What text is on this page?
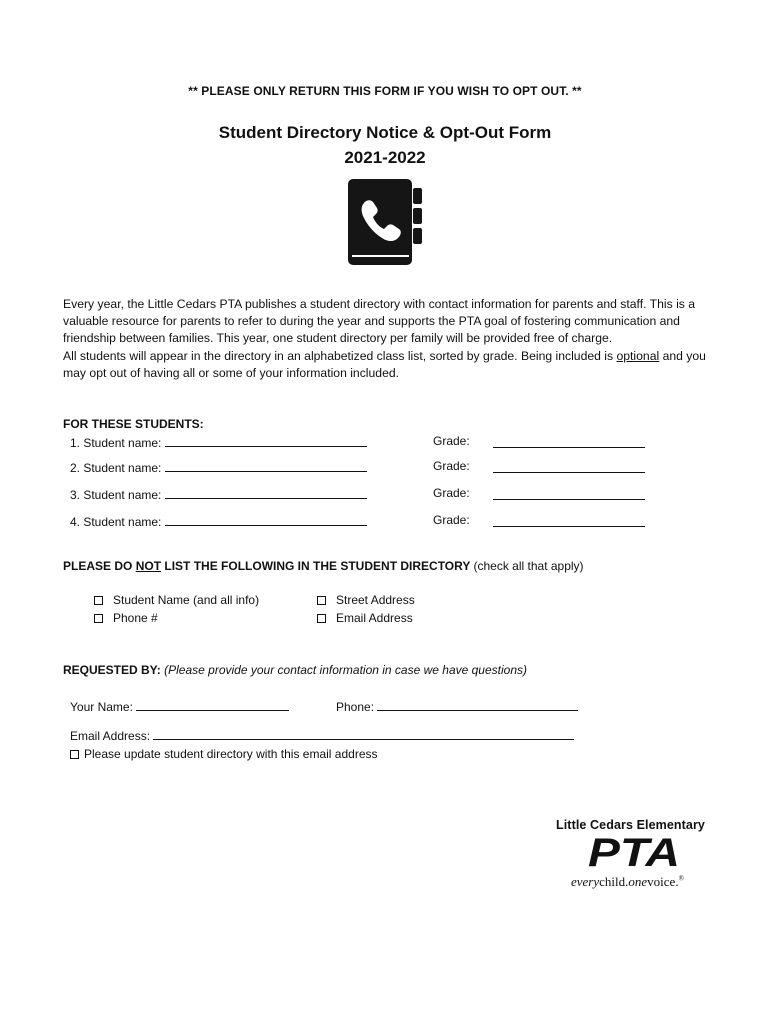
** PLEASE ONLY RETURN THIS FORM IF YOU WISH TO OPT OUT. **
Student Directory Notice & Opt-Out Form
2021-2022

Every year, the Little Cedars PTA publishes a student directory with contact information for parents and staff. This is a valuable resource for parents to refer to during the year and supports the PTA goal of fostering communication and friendship between families. This year, one student directory per family will be provided free of charge.

All students will appear in the directory in an alphabetized class list, sorted by grade. Being included is optional and you may opt out of having all or some of your information included.

FOR THESE STUDENTS:
1. Student name:	Grade:
2. Student name:	Grade:
3. Student name:	Grade:
4. Student name:	Grade:
PLEASE DO NOT LIST THE FOLLOWING IN THE STUDENT DIRECTORY (check all that apply)
Student Name (and all info)
Phone #
Street Address
Email Address
REQUESTED BY: (Please provide your contact information in case we have questions)
Your Name:	Phone:
Email Address:
Please update student directory with this email address
Little Cedars Elementary
PTA
everychild.onevoice.®
